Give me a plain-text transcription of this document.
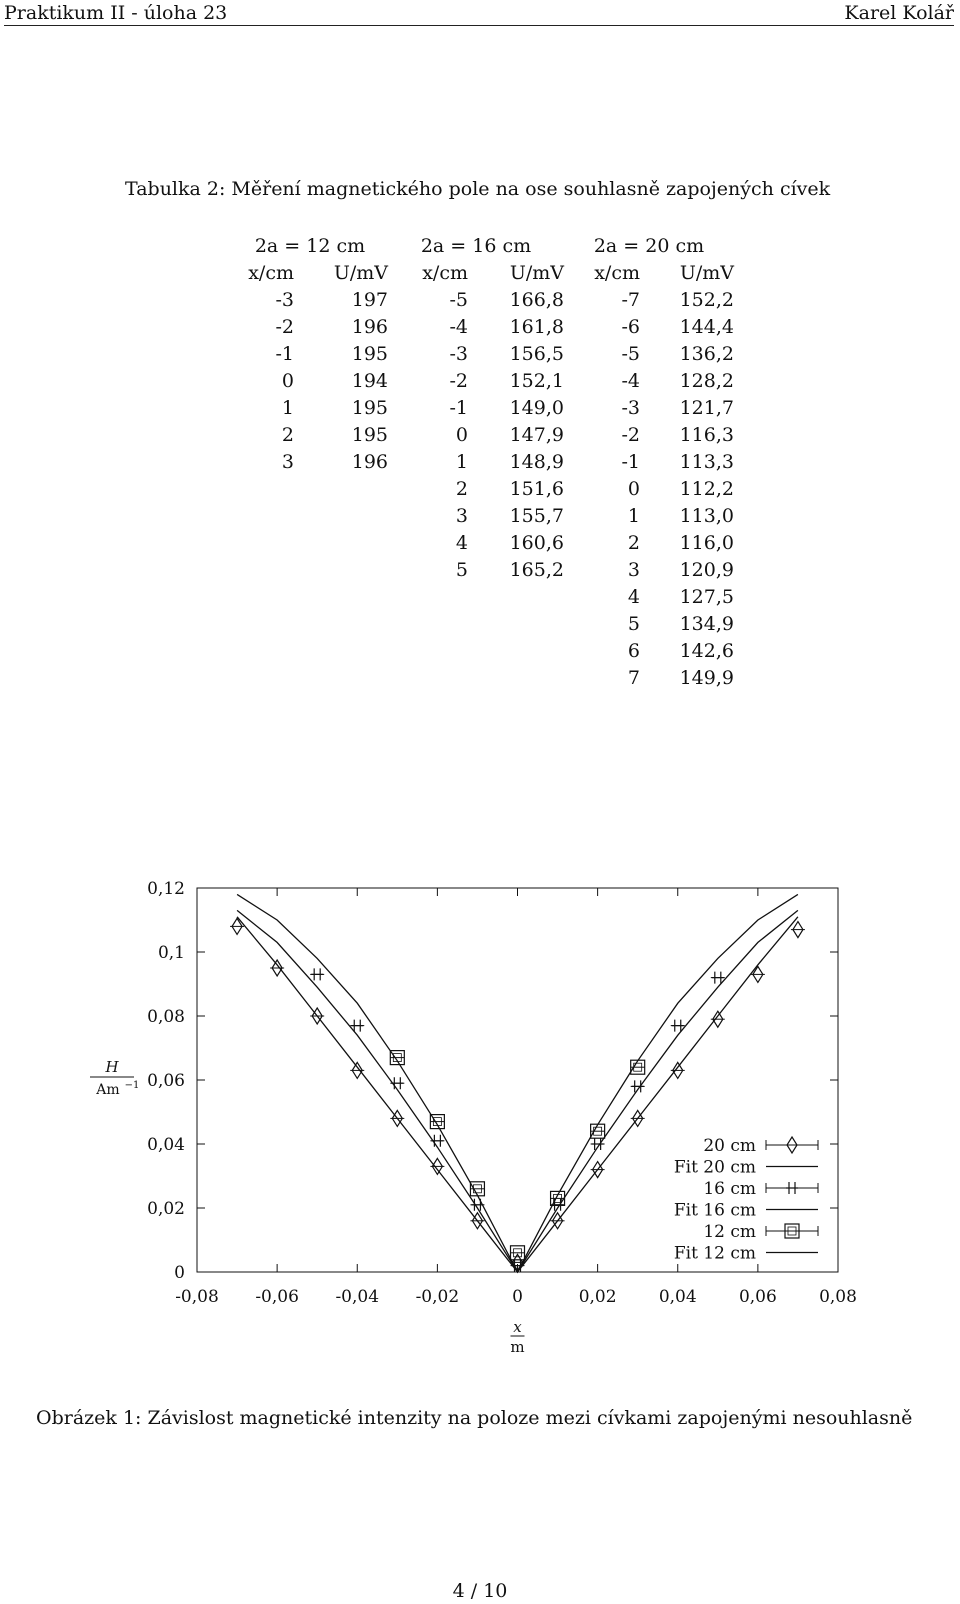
Praktikum II - úloha 23	Karel Kolář
Tabulka 2: Měření magnetického pole na ose souhlasně zapojených cívek
2a = 12 cm		2a = 16 cm		2a = 20 cm	
x/cm	U/mV	x/cm	U/mV	x/cm	U/mV
-3	197	-5	166,8	-7	152,2
-2	196	-4	161,8	-6	144,4
-1	195	-3	156,5	-5	136,2
0	194	-2	152,1	-4	128,2
1	195	-1	149,0	-3	121,7
2	195	0	147,9	-2	116,3
3	196	1	148,9	-1	113,3
		2	151,6	0	112,2
		3	155,7	1	113,0
		4	160,6	2	116,0
		5	165,2	3	120,9
				4	127,5
				5	134,9
				6	142,6
				7	149,9
0
0,02
0,04
0,06
0,08
0,1
0,12
-0,08 -0,06 -0,04 -0,02	0	0,02 0,04 0,06 0,08
x
m
H
Am −1
20 cm
Fit 20 cm
16 cm
Fit 16 cm
12 cm
Fit 12 cm
Obrázek 1: Závislost magnetické intenzity na poloze mezi cívkami zapojenými nesouhlasně
4 / 10
